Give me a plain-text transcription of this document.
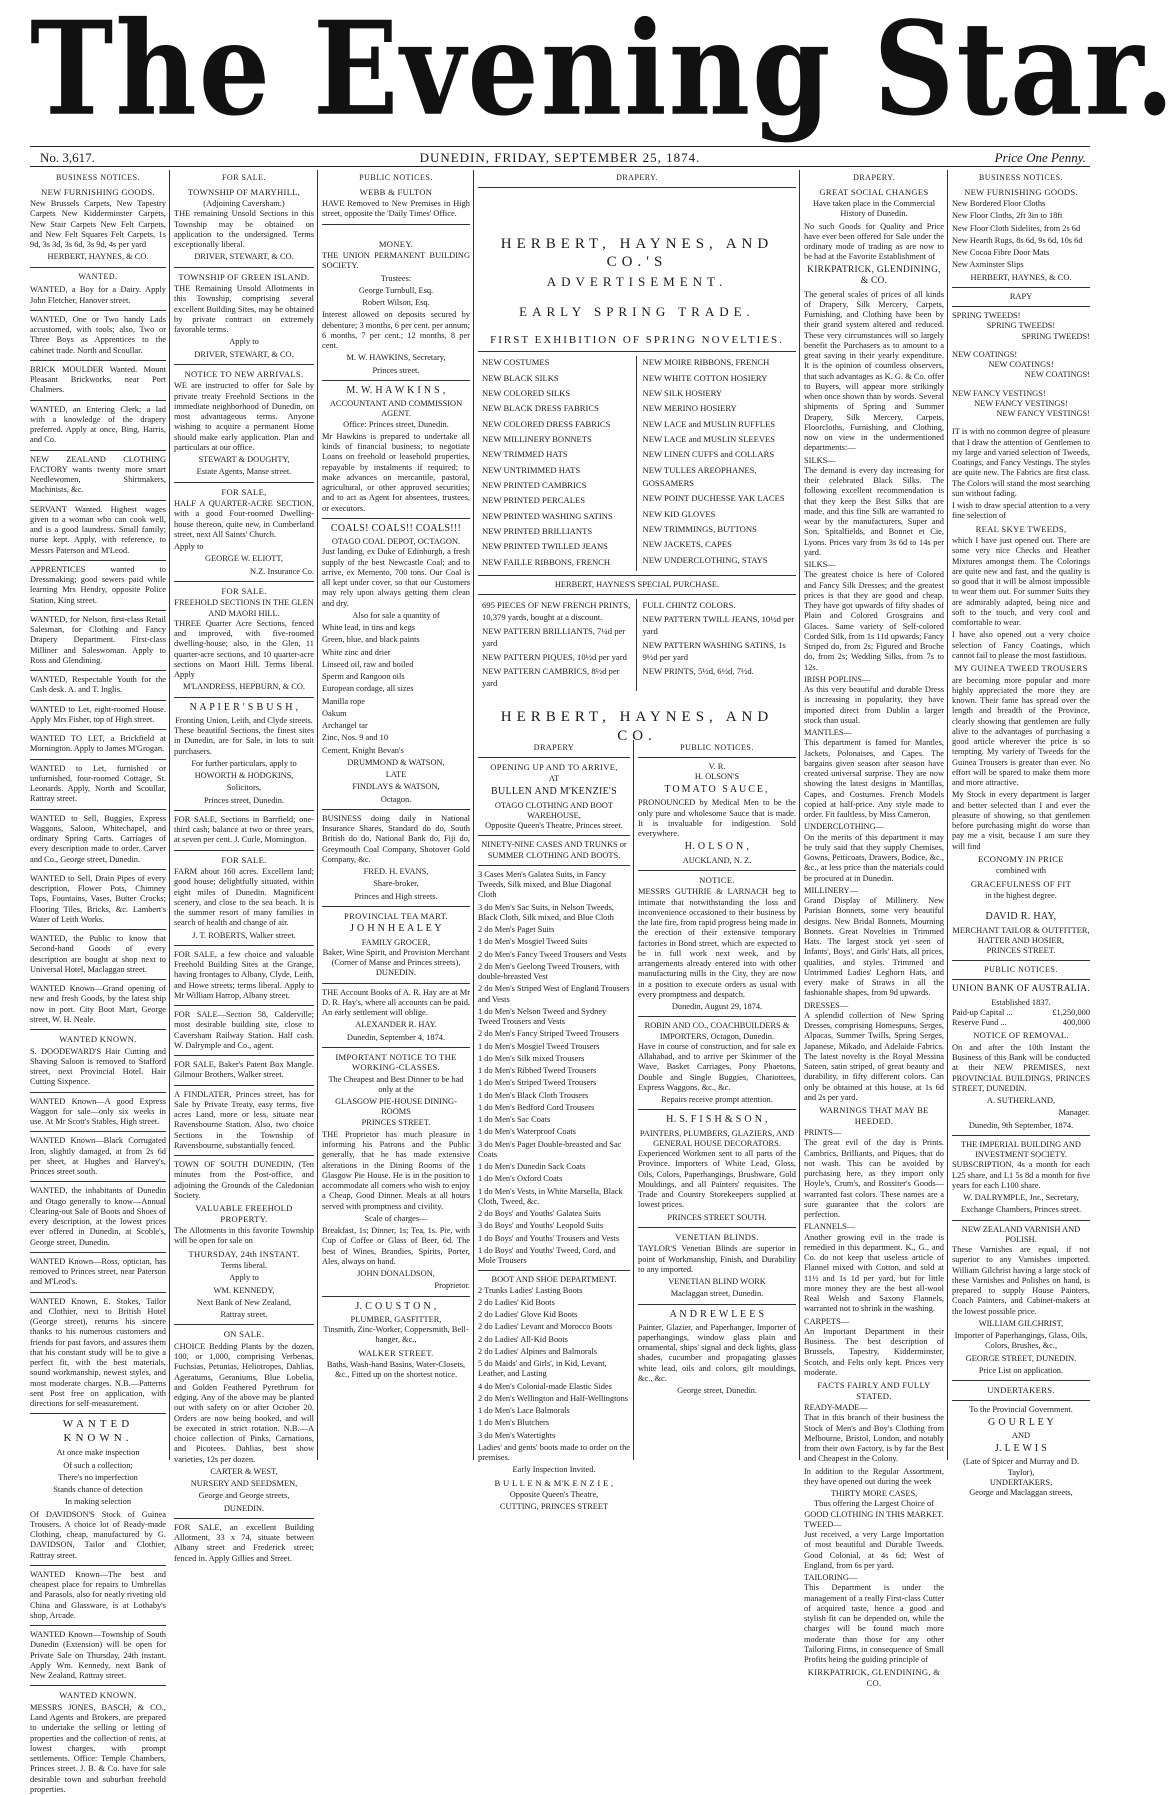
The Evening Star.
No. 3,617.	DUNEDIN, FRIDAY, SEPTEMBER 25, 1874.	Price One Penny.
BUSINESS NOTICES.
NEW FURNISHING GOODS.

New Brussels Carpets, New Tapestry Carpets New Kidderminster Carpets, New Stair Carpets New Felt Carpets, and New Felt Squares Felt Carpets, 1s 9d, 3s 3d, 3s 6d, 3s 9d, 4s per yard

HERBERT, HAYNES, & CO.

WANTED.

WANTED, a Boy for a Dairy. Apply John Fletcher, Hanover street.

WANTED, One or Two handy Lads accustomed, with tools; also, Two or Three Boys as Apprentices to the cabinet trade. North and Scoullar.

BRICK MOULDER Wanted. Mount Pleasant Brickworks, near Port Chalmers.

WANTED, an Entering Clerk; a lad with a knowledge of the drapery preferred. Apply at once, Bing, Harris, and Co.

NEW ZEALAND CLOTHING FACTORY wants twenty more smart Needlewomen, Shirtmakers, Machinists, &c.

SERVANT Wanted. Highest wages given to a woman who can cook well, and is a good laundress. Small family; nurse kept. Apply, with reference, to Messrs Paterson and M'Leod.

APPRENTICES wanted to Dressmaking; good sewers paid while learning Mrs Hendry, opposite Police Station, King street.

WANTED, for Nelson, first-class Retail Salesman, for Clothing and Fancy Drapery Department. First-class Milliner and Saleswoman. Apply to Ross and Glendining.

WANTED, Respectable Youth for the Cash desk. A. and T. Inglis.

WANTED to Let, eight-roomed House. Apply Mrs Fisher, top of High street.

WANTED TO LET, a Brickfield at Mornington. Apply to James M'Grogan.

WANTED to Let, furnished or unfurnished, four-roomed Cottage, St. Leonards. Apply, North and Scoullar, Rattray street.

WANTED to Sell, Buggies, Express Waggons, Saloon, Whitechapel, and ordinary Spring Carts. Carriages of every description made to order. Carver and Co., George street, Dunedin.

WANTED to Sell, Drain Pipes of every description, Flower Pots, Chimney Tops, Fountains, Vases, Butter Crocks; Flooring Tiles, Bricks, &c. Lambert's Water of Leith Works.

WANTED, the Public to know that Second-hand Goods of every description are bought at shop next to Universal Hotel, Maclaggan street.

WANTED Known—Grand opening of new and fresh Goods, by the latest ship now in port. City Boot Mart, George street, W. H. Neale.

WANTED KNOWN.

S. DOODEWARD'S Hair Cutting and Shaving Saloon is removed to Stafford street, next Provincial Hotel. Hair Cutting Sixpence.

WANTED Known—A good Express Waggon for sale—only six weeks in use. At Mr Scott's Stables, High street.

WANTED Known—Black Corrugated Iron, slightly damaged, at from 2s 6d per sheet, at Hughes and Harvey's, Princes street south.

WANTED, the inhabitants of Dunedin and Otago generally to know—Annual Clearing-out Sale of Boots and Shoes of every description, at the lowest prices ever offered in Dunedin, at Scoble's, George street, Dunedin.

WANTED Known—Ross, optician, has removed to Princes street, near Paterson and M'Leod's.

WANTED Known, E. Stokes, Tailor and Clothier, next to British Hotel (George street), returns his sincere thanks to his numerous customers and friends for past favors, and assures them that his constant study will be to give a perfect fit, with the best materials, sound workmanship, newest styles, and most moderate charges. N.B.—Patterns sent Post free on application, with directions for self-measurement.

WANTED KNOWN.
At once make inspection
Of such a collection;
There's no imperfection
Stands chance of detection
In making selection

Of DAVIDSON'S Stock of Guinea Trousers. A choice lot of Ready-made Clothing, cheap, manufactured by G. DAVIDSON, Tailor and Clothier, Rattray street.

WANTED Known—The best and cheapest place for repairs to Umbrellas and Parasols, also for neatly riveting old China and Glassware, is at Lothaby's shop, Arcade.

WANTED Known—Township of South Dunedin (Extension) will be open for Private Sale on Thursday, 24th instant. Apply Wm. Kennedy, next Bank of New Zealand, Rattray street.

WANTED KNOWN.

MESSRS JONES, BASCH, & CO., Land Agents and Brokers, are prepared to undertake the selling or letting of properties and the collection of rents, at lowest charges, with prompt settlements. Office: Temple Chambers, Princes street. J. B. & Co. have for sale desirable town and suburban freehold properties.

FOR SALE.
TOWNSHIP OF MARYHILL,
(Adjoining Caversham.)

THE remaining Unsold Sections in this Township may be obtained on application to the undersigned. Terms exceptionally liberal.

DRIVER, STEWART, & CO.

TOWNSHIP OF GREEN ISLAND.

THE Remaining Unsold Allotments in this Township, comprising several excellent Building Sites, may be obtained by private contract on extremely favorable terms.

Apply to

DRIVER, STEWART, & CO.

NOTICE TO NEW ARRIVALS.

WE are instructed to offer for Sale by private treaty Freehold Sections in the immediate neighborhood of Dunedin, on most advantageous terms. Anyone wishing to acquire a permanent Home should make early application. Plan and particulars at our office.

STEWART & DOUGHTY,

Estate Agents, Manse street.

FOR SALE,

HALF A QUARTER-ACRE SECTION, with a good Four-roomed Dwelling-house thereon, quite new, in Cumberland street, next All Saints' Church.

Apply to

GEORGE W. ELIOTT,

N.Z. Insurance Co.

FOR SALE.
FREEHOLD SECTIONS IN THE GLEN AND MAORI HILL.

THREE Quarter Acre Sections, fenced and improved, with five-roomed dwelling-house; also, in the Glen, 11 quarter-acre sections, and 10 quarter-acre sections on Maori Hill. Terms liberal. Apply

M'LANDRESS, HEPBURN, & CO.

N A P I E R ' S B U S H ,
Fronting Union, Leith, and Clyde streets.

These beautiful Sections, the finest sites in Dunedin, are for Sale, in lots to suit purchasers.

For further particulars, apply to

HOWORTH & HODGKINS,

Solicitors,

Princes street, Dunedin.

FOR SALE, Sections in Barrfield; one-third cash; balance at two or three years, at seven per cent. J. Curle, Mornington.

FOR SALE.

FARM about 160 acres. Excellent land; good house; delightfully situated, within eight miles of Dunedin. Magnificent scenery, and close to the sea beach. It is the summer resort of many families in search of health and change of air.

J. T. ROBERTS, Walker street.

FOR SALE, a few choice and valuable Freehold Building Sites at the Grange, having frontages to Albany, Clyde, Leith, and Howe streets; terms liberal. Apply to Mr William Harrop, Albany street.

FOR SALE—Section 58, Calderville; most desirable building site, close to Caversham Railway Station. Half cash. W. Dalrymple and Co., agent.

FOR SALE, Baker's Patent Box Mangle. Gilmour Brothers, Walker street.

A FINDLATER, Princes street, has for Sale by Private Treaty, easy terms, five acres Land, more or less, situate near Ravensbourne Station. Also, two choice Sections in the Township of Ravensbourne, substantially fenced.

TOWN OF SOUTH DUNEDIN, (Ten minutes from the Post-office, and adjoining the Grounds of the Caledonian Society.

VALUABLE FREEHOLD PROPERTY.

The Allotments in this favorite Township will be open for sale on

THURSDAY, 24th INSTANT.

Terms liberal.

Apply to

WM. KENNEDY,

Next Bank of New Zealand,

Rattray street.

ON SALE.

CHOICE Bedding Plants by the dozen, 100, or 1,000, comprising Verbenas, Fuchsias, Petunias, Heliotropes, Dahlias, Ageratums, Geraniums, Blue Lobelia, and Golden Feathered Pyrethrum for edging. Any of the above may be planted out with safety on or after October 20. Orders are now being booked, and will be executed in strict rotation. N.B.—A choice collection of Pinks, Carnations, and Picotees. Dahlias, best show varieties, 12s per dozen.

CARTER & WEST,

NURSERY AND SEEDSMEN,

George and George streets,

DUNEDIN.

FOR SALE, an excellent Building Allotment, 33 x 74, situate between Albany street and Frederick street; fenced in. Apply Gillies and Street.

PUBLIC NOTICES.
WEBB & FULTON

HAVE Removed to New Premises in High street, opposite the 'Daily Times' Office.

MONEY.

THE UNION PERMANENT BUILDING SOCIETY.

Trustees:

George Turnbull, Esq.

Robert Wilson, Esq.

Interest allowed on deposits secured by debenture; 3 months, 6 per cent. per annum; 6 months, 7 per cent.; 12 months, 8 per cent.

M. W. HAWKINS, Secretary,

Princes street.

M. W. H A W K I N S ,
ACCOUNTANT AND COMMISSION AGENT.

Office: Princes street, Dunedin.

Mr Hawkins is prepared to undertake all kinds of financial business; to negotiate Loans on freehold or leasehold properties, repayable by instalments if required; to make advances on mercantile, pastoral, agricultural, or other approved securities; and to act as Agent for absentees, trustees, or executors.

COALS! COALS!! COALS!!!
OTAGO COAL DEPOT, OCTAGON.

Just landing, ex Duke of Edinburgh, a fresh supply of the best Newcastle Coal; and to arrive, ex Memento, 700 tons. Our Coal is all kept under cover, so that our Customers may rely upon always getting them clean and dry.

Also for sale a quantity of

White lead, in tins and kegs
Green, blue, and black paints
White zinc and drier
Linseed oil, raw and boiled
Sperm and Rangoon oils
European cordage, all sizes
Manilla rope
Oakum
Archangel tar
Zinc, Nos. 9 and 10
Cement, Knight Bevan's

DRUMMOND & WATSON,

LATE

FINDLAYS & WATSON,

Octagon.

BUSINESS doing daily in National Insurance Shares, Standard do do, South British do do, National Bank do, Fiji do, Greymouth Coal Company, Shotover Gold Company, &c.

FRED. H. EVANS,

Share-broker,

Princes and High streets.

PROVINCIAL TEA MART.
J O H N H E A L E Y
FAMILY GROCER,

Baker, Wine Spirit, and Provision Merchant (Corner of Manse and Princes streets), DUNEDIN.

THE Account Books of A. R. Hay are at Mr D. R. Hay's, where all accounts can be paid. An early settlement will oblige.

ALEXANDER R. HAY.

Dunedin, September 4, 1874.

IMPORTANT NOTICE TO THE WORKING-CLASSES.

The Cheapest and Best Dinner to be had only at the

GLASGOW PIE-HOUSE DINING-ROOMS

PRINCES STREET.

THE Proprietor has much pleasure in informing his Patrons and the Public generally, that he has made extensive alterations in the Dining Rooms of the Glasgow Pie House. He is in the position to accommodate all comers who wish to enjoy a Cheap, Good Dinner. Meals at all hours served with promptness and civility.

Scale of charges—

Breakfast, 1s; Dinner, 1s; Tea, 1s. Pie, with Cup of Coffee or Glass of Beer, 6d. The best of Wines, Brandies, Spirits, Porter, Ales, always on hand.

JOHN DONALDSON,

Proprietor.

J. C O U S T O N ,
PLUMBER, GASFITTER,

Tinsmith, Zinc-Worker, Coppersmith, Bell-hanger, &c.,

WALKER STREET.

Baths, Wash-hand Basins, Water-Closets, &c., Fitted up on the shortest notice.

DRAPERY.
HERBERT, HAYNES, AND CO.'S
ADVERTISEMENT.
EARLY SPRING TRADE.
FIRST EXHIBITION OF SPRING NOVELTIES.
NEW COSTUMES
NEW BLACK SILKS
NEW COLORED SILKS
NEW BLACK DRESS FABRICS
NEW COLORED DRESS FABRICS
NEW MILLINERY BONNETS
NEW TRIMMED HATS
NEW UNTRIMMED HATS
NEW PRINTED CAMBRICS
NEW PRINTED PERCALES
NEW PRINTED WASHING SATINS
NEW PRINTED BRILLIANTS
NEW PRINTED TWILLED JEANS
NEW FAILLE RIBBONS, FRENCH
NEW MOIRE RIBBONS, FRENCH
NEW WHITE COTTON HOSIERY
NEW SILK HOSIERY
NEW MERINO HOSIERY
NEW LACE and MUSLIN RUFFLES
NEW LACE and MUSLIN SLEEVES
NEW LINEN CUFFS and COLLARS
NEW TULLES AREOPHANES, GOSSAMERS
NEW POINT DUCHESSE YAK LACES
NEW KID GLOVES
NEW TRIMMINGS, BUTTONS
NEW JACKETS, CAPES
NEW UNDERCLOTHING, STAYS
HERBERT, HAYNES'S SPECIAL PURCHASE.
695 PIECES OF NEW FRENCH PRINTS, 10,379 yards, bought at a discount.
NEW PATTERN BRILLIANTS, 7¼d per yard
NEW PATTERN PIQUES, 10½d per yard
NEW PATTERN CAMBRICS, 8½d per yard
FULL CHINTZ COLORS.
NEW PATTERN TWILL JEANS, 10½d per yard
NEW PATTERN WASHING SATINS, 1s 9½d per yard
NEW PRINTS, 5½d, 6½d, 7½d.
HERBERT, HAYNES, AND CO.
DRAPERY
OPENING UP AND TO ARRIVE,
AT
BULLEN AND M'KENZIE'S
OTAGO CLOTHING AND BOOT WAREHOUSE,

Opposite Queen's Theatre, Princes street.

NINETY-NINE CASES AND TRUNKS or SUMMER CLOTHING AND BOOTS.
3 Cases Men's Galatea Suits, in Fancy Tweeds, Silk mixed, and Blue Diagonal Cloth
3 do Men's Sac Suits, in Nelson Tweeds, Black Cloth, Silk mixed, and Blue Cloth
2 do Men's Paget Suits
1 do Men's Mosgiel Tweed Suits
2 do Men's Fancy Tweed Trousers and Vests
2 do Men's Geelong Tweed Trousers, with double-breasted Vest
2 do Men's Striped West of England Trousers and Vests
1 do Men's Nelson Tweed and Sydney Tweed Trousers and Vests
2 do Men's Fancy Striped Tweed Trousers
1 do Men's Mosgiel Tweed Trousers
1 do Men's Silk mixed Trousers
1 do Men's Ribbed Tweed Trousers
1 do Men's Striped Tweed Trousers
1 do Men's Black Cloth Trousers
1 do Men's Bedford Cord Trousers
1 do Men's Sac Coats
1 do Men's Waterproof Coats
3 do Men's Paget Double-breasted and Sac Coats
1 do Men's Dunedin Sack Coats
1 do Men's Oxford Coats
1 do Men's Vests, in White Marsella, Black Cloth, Tweed, &c.
2 do Boys' and Youths' Galatea Suits
3 do Boys' and Youths' Leopold Suits
1 do Boys' and Youths' Trousers and Vests
1 do Boys' and Youths' Tweed, Cord, and Mole Trousers
BOOT AND SHOE DEPARTMENT.
2 Trunks Ladies' Lasting Boots
2 do Ladies' Kid Boots
2 do Ladies' Glove Kid Boots
2 do Ladies' Levant and Morocco Boots
2 do Ladies' All-Kid Boots
2 do Ladies' Alpines and Balmorals
5 do Maids' and Girls', in Kid, Levant, Leather, and Lasting
4 do Men's Colonial-made Elastic Sides
2 do Men's Wellington and Half-Wellingtons
1 do Men's Lace Balmorals
1 do Men's Blutchers
3 do Men's Watertights

Ladies' and gents' boots made to order on the premises.

Early Inspection Invited.

B U L L E N & M'K E N Z I E ,

Opposite Queen's Theatre,

CUTTING, PRINCES STREET

PUBLIC NOTICES.
V. R.
H. OLSON'S
TOMATO SAUCE,

PRONOUNCED by Medical Men to be the only pure and wholesome Sauce that is made. It is invaluable for indigestion. Sold everywhere.

H. O L S O N ,

AUCKLAND, N. Z.

NOTICE.

MESSRS GUTHRIE & LARNACH beg to intimate that notwithstanding the loss and inconvenience occasioned to their business by the late fire, from rapid progress being made in the erection of their extensive temporary factories in Bond street, which are expected to be in full work next week, and by arrangements already entered into with other manufacturing mills in the City, they are now in a position to execute orders as usual with every promptness and despatch.

Dunedin, August 29, 1874.

ROBIN AND CO., COACHBUILDERS & IMPORTERS, Octagon, Dunedin.

Have in course of construction, and for sale ex Allahabad, and to arrive per Skimmer of the Wave, Basket Carriages, Pony Phaetons, Double and Single Buggies, Chariottees, Express Waggons, &c., &c.

Repairs receive prompt attention.

H. S. F I S H & S O N ,
PAINTERS, PLUMBERS, GLAZIERS, AND GENERAL HOUSE DECORATORS.

Experienced Workmen sent to all parts of the Province. Importers of White Lead, Gloss, Oils, Colors, Paperhangings, Brushware, Gold Mouldings, and all Painters' requisites. The Trade and Country Storekeepers supplied at lowest prices.

PRINCES STREET SOUTH.

VENETIAN BLINDS.

TAYLOR'S Venetian Blinds are superior in point of Workmanship, Finish, and Durability to any imported.

VENETIAN BLIND WORK

Maclaggan street, Dunedin.

A N D R E W L E E S

Painter, Glazier, and Paperhanger, Importer of paperhangings, window glass plain and ornamental, ships' signal and deck lights, glass shades, cucumber and propagating glasses white lead, oils and colors, gilt mouldings, &c., &c.

George street, Dunedin.

DRAPERY.
GREAT SOCIAL CHANGES

Have taken place in the Commercial History of Dunedin.

No such Goods for Quality and Price have ever been offered for Sale under the ordinary mode of trading as are now to be had at the Favorite Establishment of

KIRKPATRICK, GLENDINING, & CO.

The general scales of prices of all kinds of Drapery, Silk Mercery, Carpets, Furnishing, and Clothing have been by their grand system altered and reduced. These very circumstances will so largely benefit the Purchasers as to amount to a great saving in their yearly expenditure. It is the opinion of countless observers, that such advantages as K. G. & Co. offer to Buyers, will appear more strikingly when once shown than by words. Several shipments of Spring and Summer Drapery, Silk Mercery, Carpets, Floorcloths, Furnishing, and Clothing, now on view in the undermentioned departments:—

SILKS—

The demand is every day increasing for their celebrated Black Silks. The following excellent recommendation is that they keep the Best Silks that are made, and this fine Silk are warranted to wear by the manufacturers, Super and Son, Spitalfields, and Bonnet et Cie, Lyons. Prices vary from 3s 6d to 14s per yard.

SILKS—

The greatest choice is here of Colored and Fancy Silk Dresses; and the greatest prices is that they are good and cheap. They have got upwards of fifty shades of Plain and Colored Grosgrains and Glaces. Same variety of Self-colored Corded Silk, from 1s 11d upwards; Fancy Striped do, from 2s; Figured and Broche do, from 2s; Wedding Silks, from 7s to 12s.

IRISH POPLINS—

As this very beautiful and durable Dress is increasing in popularity, they have imported direct from Dublin a larger stock than usual.

MANTLES—

This department is famed for Mantles, Jackets, Polonaises, and Capes. The bargains given season after season have created universal surprise. They are now showing the latest designs in Mantillas, Capes, and Costumes. French Models copied at half-price. Any style made to order. Fit faultless, by Miss Cameron.

UNDERCLOTHING—

On the merits of this department it may be truly said that they supply Chemises, Gowns, Petticoats, Drawers, Bodice, &c., &c., at less price than the materials could be procured at in Dunedin.

MILLINERY—

Grand Display of Millinery. New Parisian Bonnets, some very beautiful designs. New Bridal Bonnets, Mourning Bonnets. Great Novelties in Trimmed Hats. The largest stock yet seen of Infants', Boys', and Girls' Hats, all prices, qualities, and styles. Trimmed and Untrimmed Ladies' Leghorn Hats, and every make of Straws in all the fashionable shapes, from 9d upwards.

DRESSES—

A splendid collection of New Spring Dresses, comprising Homespuns, Serges, Alpacas, Summer Twills, Spring Serges, Japanese, Mikado, and Adelaide Fabrics. The latest novelty is the Royal Messina Sateen, satin striped, of great beauty and durability, in fifty different colors. Can only be obtained at this house, at 1s 6d and 2s per yard.

WARNINGS THAT MAY BE HEEDED.
PRINTS—

The great evil of the day is Prints. Cambrics, Brilliants, and Piques, that do not wash. This can be avoided by purchasing here, as they import only Hoyle's, Crum's, and Rossiter's Goods—warranted fast colors. These names are a sure guarantee that the colors are perfection.

FLANNELS—

Another growing evil in the trade is remedied in this department. K., G., and Co. do not keep that useless article of Flannel mixed with Cotton, and sold at 11½ and 1s 1d per yard, but for little more money they are the best all-wool Real Welsh and Saxony Flannels, warranted not to shrink in the washing.

CARPETS—

An Important Department in their Business. The best description of Brussels, Tapestry, Kidderminster, Scotch, and Felts only kept. Prices very moderate.

FACTS FAIRLY AND FULLY STATED.
READY-MADE—

That in this branch of their business the Stock of Men's and Boy's Clothing from Melbourne, Bristol, London, and notably from their own Factory, is by far the Best and Cheapest in the Colony.

In addition to the Regular Assortment, they have opened out during the week

THIRTY MORE CASES,
Thus offering the Largest Choice of
GOOD CLOTHING IN THIS MARKET.
TWEED—

Just received, a very Large Importation of most beautiful and Durable Tweeds. Good Colonial, at 4s 6d; West of England, from 6s per yard.

TAILORING—

This Department is under the management of a really First-class Cutter of acquired taste, hence a good and stylish fit can be depended on, while the charges will be found much more moderate than those for any other Tailoring Firms, in consequence of Small Profits being the guiding principle of

KIRKPATRICK, GLENDINING, & CO.
BUSINESS NOTICES.
NEW FURNISHING GOODS.
New Bordered Floor Cloths
New Floor Cloths, 2ft 3in to 18ft
New Floor Cloth Sidelites, from 2s 6d
New Hearth Rugs, 8s 6d, 9s 6d, 10s 6d
New Cocoa Fibre Door Mats
New Axminster Slips

HERBERT, HAYNES, & CO.

RAPY
SPRING TWEEDS!
SPRING TWEEDS!
SPRING TWEEDS!
NEW COATINGS!
NEW COATINGS!
NEW COATINGS!
NEW FANCY VESTINGS!
NEW FANCY VESTINGS!
NEW FANCY VESTINGS!

IT is with no common degree of pleasure that I draw the attention of Gentlemen to my large and varied selection of Tweeds, Coatings, and Fancy Vestings. The styles are quite new. The Fabrics are first class. The Colors will stand the most searching sun without fading.

I wish to draw special attention to a very fine selection of

REAL SKYE TWEEDS,

which I have just opened out. There are some very nice Checks and Heather Mixtures amongst them. The Colorings are quite new and fast, and the quality is so good that it will be almost impossible to wear them out. For summer Suits they are admirably adapted, being nice and soft to the touch, and very cool and comfortable to wear.

I have also opened out a very choice selection of Fancy Coatings, which cannot fail to please the most fastidious.

MY GUINEA TWEED TROUSERS

are becoming more popular and more highly appreciated the more they are known. Their fame has spread over the length and breadth of the Province, clearly showing that gentlemen are fully alive to the advantages of purchasing a good article wherever the price is so tempting. My variety of Tweeds for the Guinea Trousers is greater than ever. No effort will be spared to make them more and more attractive.

My Stock in every department is larger and better selected than I and ever the pleasure of showing, so that gentlemen before purchasing might do worse than pay me a visit, because I am sure they will find

ECONOMY IN PRICE
combined with
GRACEFULNESS OF FIT
in the highest degree.
DAVID R. HAY,
MERCHANT TAILOR & OUTFITTER,
HATTER AND HOSIER,
PRINCES STREET.
PUBLIC NOTICES.
UNION BANK OF AUSTRALIA.
Established 1837.
Paid-up Capital ...	£1,250,000
Reserve Fund ...	400,000
NOTICE OF REMOVAL.

On and after the 10th Instant the Business of this Bank will be conducted at their NEW PREMISES, next PROVINCIAL BUILDINGS, PRINCES STREET, DUNEDIN.

A. SUTHERLAND,

Manager.

Dunedin, 9th September, 1874.

THE IMPERIAL BUILDING AND INVESTMENT SOCIETY.

SUBSCRIPTION, 4s a month for each L25 share, and L1 5s 8d a month for five years for each L100 share.

W. DALRYMPLE, Jnr., Secretary,

Exchange Chambers, Princes street.

NEW ZEALAND VARNISH AND POLISH.

These Varnishes are equal, if not superior to any Varnishes imported. William Gilchrist having a large stock of these Varnishes and Polishes on hand, is prepared to supply House Painters, Coach Painters, and Cabinet-makers at the lowest possible price.

WILLIAM GILCHRIST,

Importer of Paperhangings, Glass, Oils, Colors, Brushes, &c.,

GEORGE STREET, DUNEDIN.

Price List on application.

UNDERTAKERS.
To the Provincial Government.
G O U R L E Y
AND
J. L E W I S
(Late of Spicer and Murray and D. Taylor),
UNDERTAKERS,
George and Maclaggan streets,
